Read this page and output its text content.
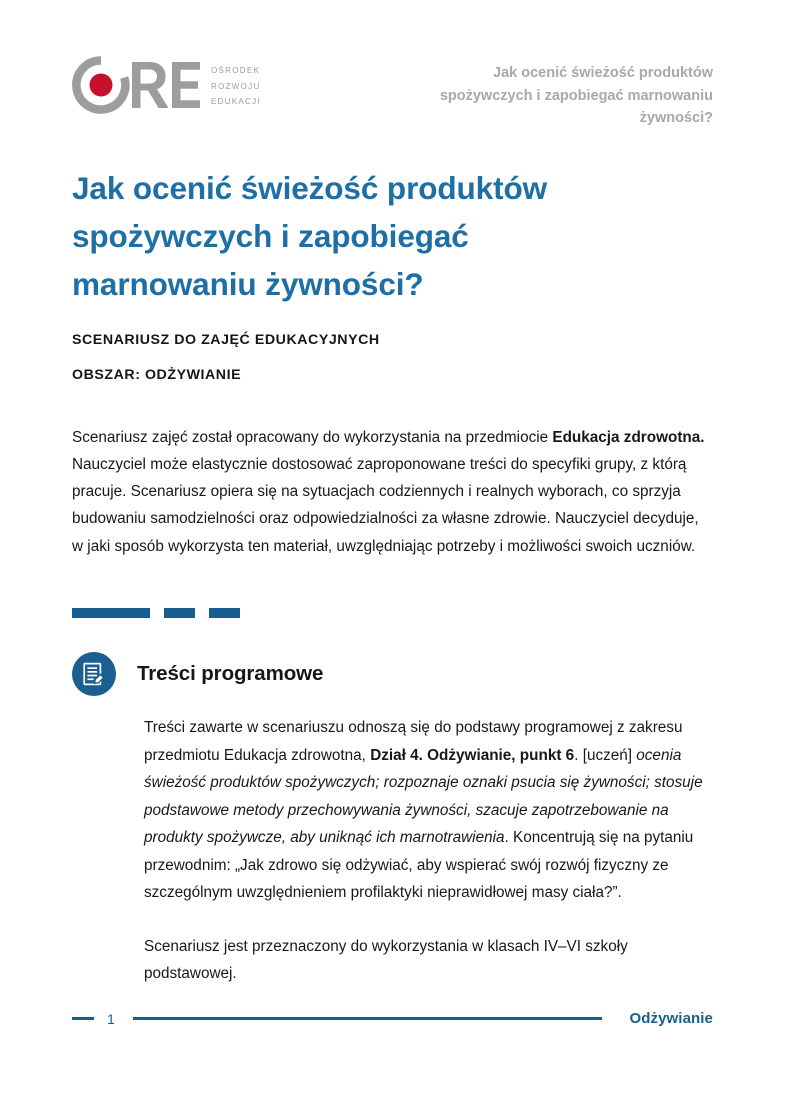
ośrodek
rozwoju
edukacji
Jak ocenić świeżość produktów spożywczych i zapobiegać marnowaniu żywności?
Jak ocenić świeżość produktów spożywczych i zapobiegać marnowaniu żywności?
SCENARIUSZ DO ZAJĘĆ EDUKACYJNYCH
OBSZAR: ODŻYWIANIE

Scenariusz zajęć został opracowany do wykorzystania na przedmiocie Edukacja zdrowotna. Nauczyciel może elastycznie dostosować zaproponowane treści do specyfiki grupy, z którą pracuje. Scenariusz opiera się na sytuacjach codziennych i realnych wyborach, co sprzyja budowaniu samodzielności oraz odpowiedzialności za własne zdrowie. Nauczyciel decyduje, w jaki sposób wykorzysta ten materiał, uwzględniając potrzeby i możliwości swoich uczniów.

Treści programowe

Treści zawarte w scenariuszu odnoszą się do podstawy programowej z zakresu przedmiotu Edukacja zdrowotna, Dział 4. Odżywianie, punkt 6. [uczeń] ocenia świeżość produktów spożywczych; rozpoznaje oznaki psucia się żywności; stosuje podstawowe metody przechowywania żywności, szacuje zapotrzebowanie na produkty spożywcze, aby uniknąć ich marnotrawienia. Koncentrują się na pytaniu przewodnim: „Jak zdrowo się odżywiać, aby wspierać swój rozwój fizyczny ze szczególnym uwzględnieniem profilaktyki nieprawidłowej masy ciała?”.

Scenariusz jest przeznaczony do wykorzystania w klasach IV–VI szkoły podstawowej.

1	Odżywianie
